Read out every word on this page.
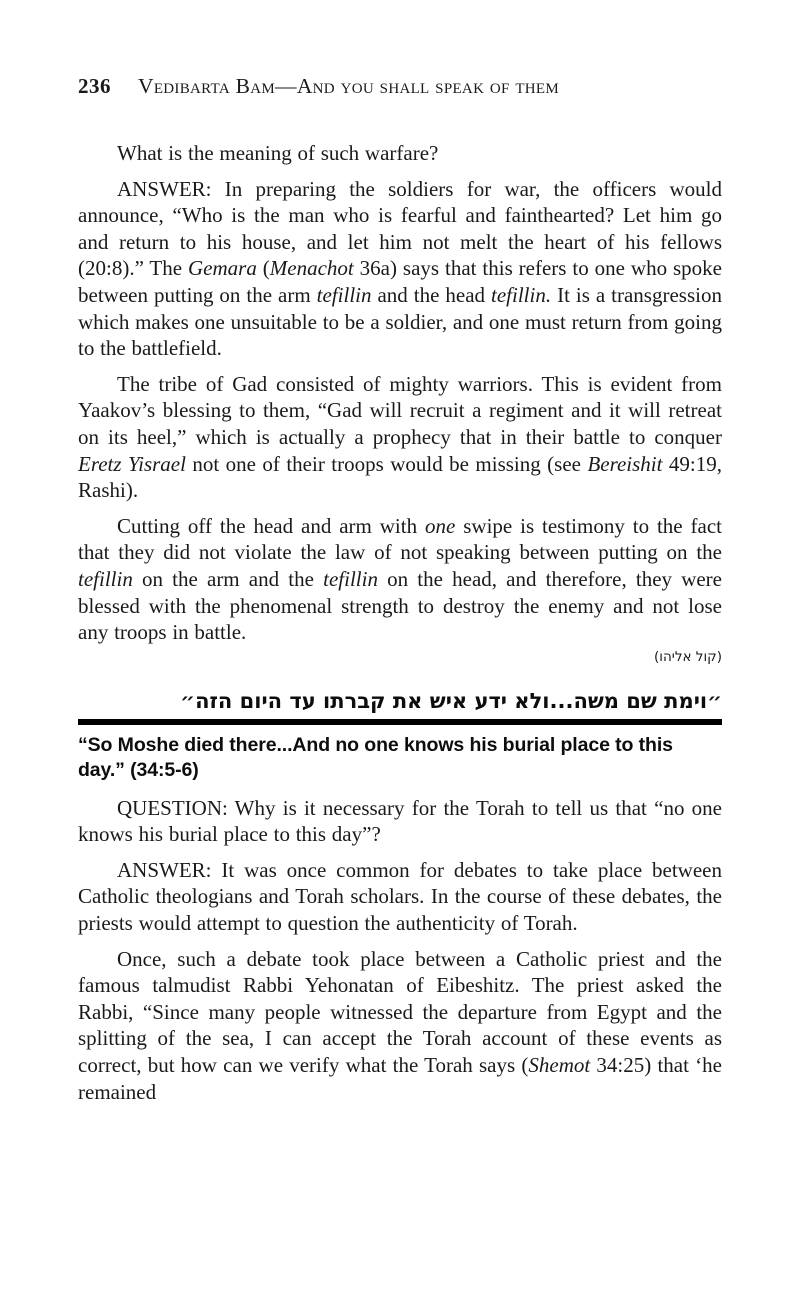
236 Vedibarta Bam—And you shall speak of them

What is the meaning of such warfare?

ANSWER: In preparing the soldiers for war, the officers would announce, “Who is the man who is fearful and fainthearted? Let him go and return to his house, and let him not melt the heart of his fellows (20:8).” The Gemara (Menachot 36a) says that this refers to one who spoke between putting on the arm tefillin and the head tefillin. It is a transgression which makes one unsuitable to be a soldier, and one must return from going to the battlefield.

The tribe of Gad consisted of mighty warriors. This is evident from Yaakov’s blessing to them, “Gad will recruit a regiment and it will retreat on its heel,” which is actually a prophecy that in their battle to conquer Eretz Yisrael not one of their troops would be missing (see Bereishit 49:19, Rashi).

Cutting off the head and arm with one swipe is testimony to the fact that they did not violate the law of not speaking between putting on the tefillin on the arm and the tefillin on the head, and therefore, they were blessed with the phenomenal strength to destroy the enemy and not lose any troops in battle.

(קול אליהו)
״וימת שם משה...ולא ידע איש את קברתו עד היום הזה״
“So Moshe died there...And no one knows his burial place to this day.” (34:5-6)

QUESTION: Why is it necessary for the Torah to tell us that “no one knows his burial place to this day”?

ANSWER: It was once common for debates to take place between Catholic theologians and Torah scholars. In the course of these debates, the priests would attempt to question the authenticity of Torah.

Once, such a debate took place between a Catholic priest and the famous talmudist Rabbi Yehonatan of Eibeshitz. The priest asked the Rabbi, “Since many people witnessed the departure from Egypt and the splitting of the sea, I can accept the Torah account of these events as correct, but how can we verify what the Torah says (Shemot 34:25) that ‘he remained
